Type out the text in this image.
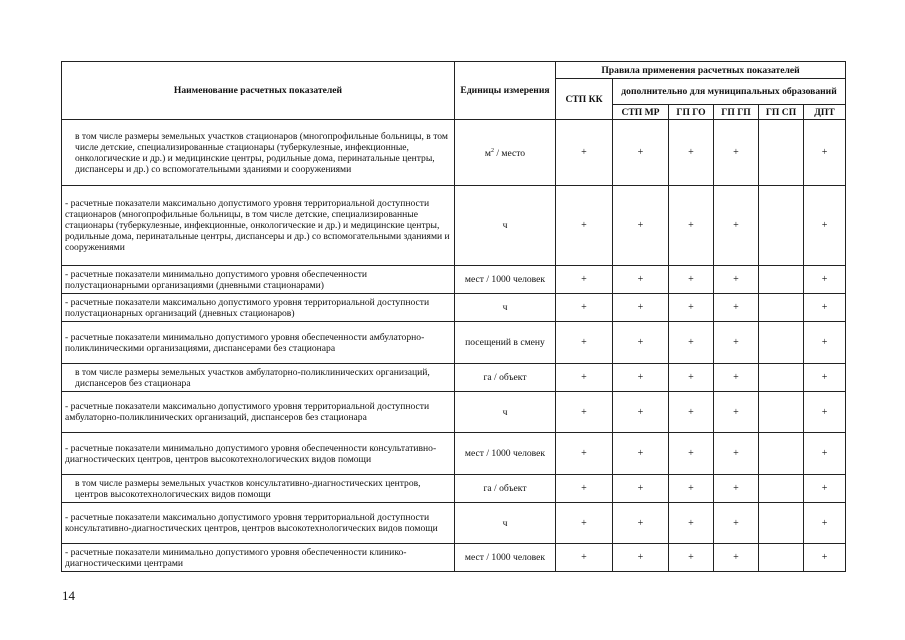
Наименование расчетных показателей	Единицы измерения	Правила применения расчетных показателей					
		СТП КК	дополнительно для муниципальных образований				
			СТП МР	ГП ГО	ГП ГП	ГП СП	ДПТ
в том числе размеры земельных участков стационаров (многопрофильные больницы, в том числе детские, специализированные стационары (туберкулезные, инфекционные, онкологические и др.) и медицинские центры, родильные дома, перинатальные центры, диспансеры и др.) со вспомогательными зданиями и сооружениями	$м^2$ / место	+	+	+	+		+
- расчетные показатели максимально допустимого уровня территориальной доступности стационаров (многопрофильные больницы, в том числе детские, специализированные стационары (туберкулезные, инфекционные, онкологические и др.) и медицинские центры, родильные дома, перинатальные центры, диспансеры и др.) со вспомогательными зданиями и сооружениями	ч	+	+	+	+		+
- расчетные показатели минимально допустимого уровня обеспеченности полустационарными организациями (дневными стационарами)	мест / 1000 человек	+	+	+	+		+
- расчетные показатели максимально допустимого уровня территориальной доступности полустационарных организаций (дневных стационаров)	ч	+	+	+	+		+
- расчетные показатели минимально допустимого уровня обеспеченности амбулаторно-поликлиническими организациями, диспансерами без стационара	посещений в смену	+	+	+	+		+
в том числе размеры земельных участков амбулаторно-поликлинических организаций, диспансеров без стационара	га / объект	+	+	+	+		+
- расчетные показатели максимально допустимого уровня территориальной доступности амбулаторно-поликлинических организаций, диспансеров без стационара	ч	+	+	+	+		+
- расчетные показатели минимально допустимого уровня обеспеченности консультативно-диагностических центров, центров высокотехнологических видов помощи	мест / 1000 человек	+	+	+	+		+
в том числе размеры земельных участков консультативно-диагностических центров, центров высокотехнологических видов помощи	га / объект	+	+	+	+		+
- расчетные показатели максимально допустимого уровня территориальной доступности консультативно-диагностических центров, центров высокотехнологических видов помощи	ч	+	+	+	+		+
- расчетные показатели минимально допустимого уровня обеспеченности клинико-диагностическими центрами	мест / 1000 человек	+	+	+	+		+
14
